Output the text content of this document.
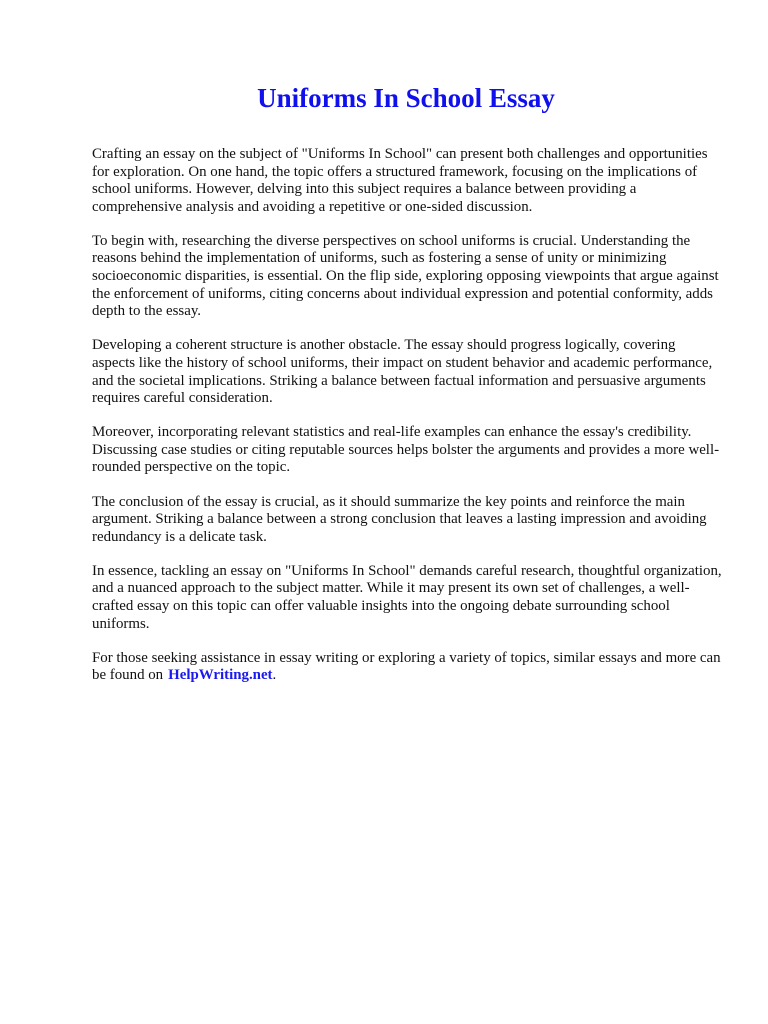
Uniforms In School Essay

Crafting an essay on the subject of "Uniforms In School" can present both challenges and opportunities for exploration. On one hand, the topic offers a structured framework, focusing on the implications of school uniforms. However, delving into this subject requires a balance between providing a comprehensive analysis and avoiding a repetitive or one-sided discussion.

To begin with, researching the diverse perspectives on school uniforms is crucial. Understanding the reasons behind the implementation of uniforms, such as fostering a sense of unity or minimizing socioeconomic disparities, is essential. On the flip side, exploring opposing viewpoints that argue against the enforcement of uniforms, citing concerns about individual expression and potential conformity, adds depth to the essay.

Developing a coherent structure is another obstacle. The essay should progress logically, covering aspects like the history of school uniforms, their impact on student behavior and academic performance, and the societal implications. Striking a balance between factual information and persuasive arguments requires careful consideration.

Moreover, incorporating relevant statistics and real-life examples can enhance the essay's credibility. Discussing case studies or citing reputable sources helps bolster the arguments and provides a more well-rounded perspective on the topic.

The conclusion of the essay is crucial, as it should summarize the key points and reinforce the main argument. Striking a balance between a strong conclusion that leaves a lasting impression and avoiding redundancy is a delicate task.

In essence, tackling an essay on "Uniforms In School" demands careful research, thoughtful organization, and a nuanced approach to the subject matter. While it may present its own set of challenges, a well-crafted essay on this topic can offer valuable insights into the ongoing debate surrounding school uniforms.

For those seeking assistance in essay writing or exploring a variety of topics, similar essays and more can be found on HelpWriting.net.
